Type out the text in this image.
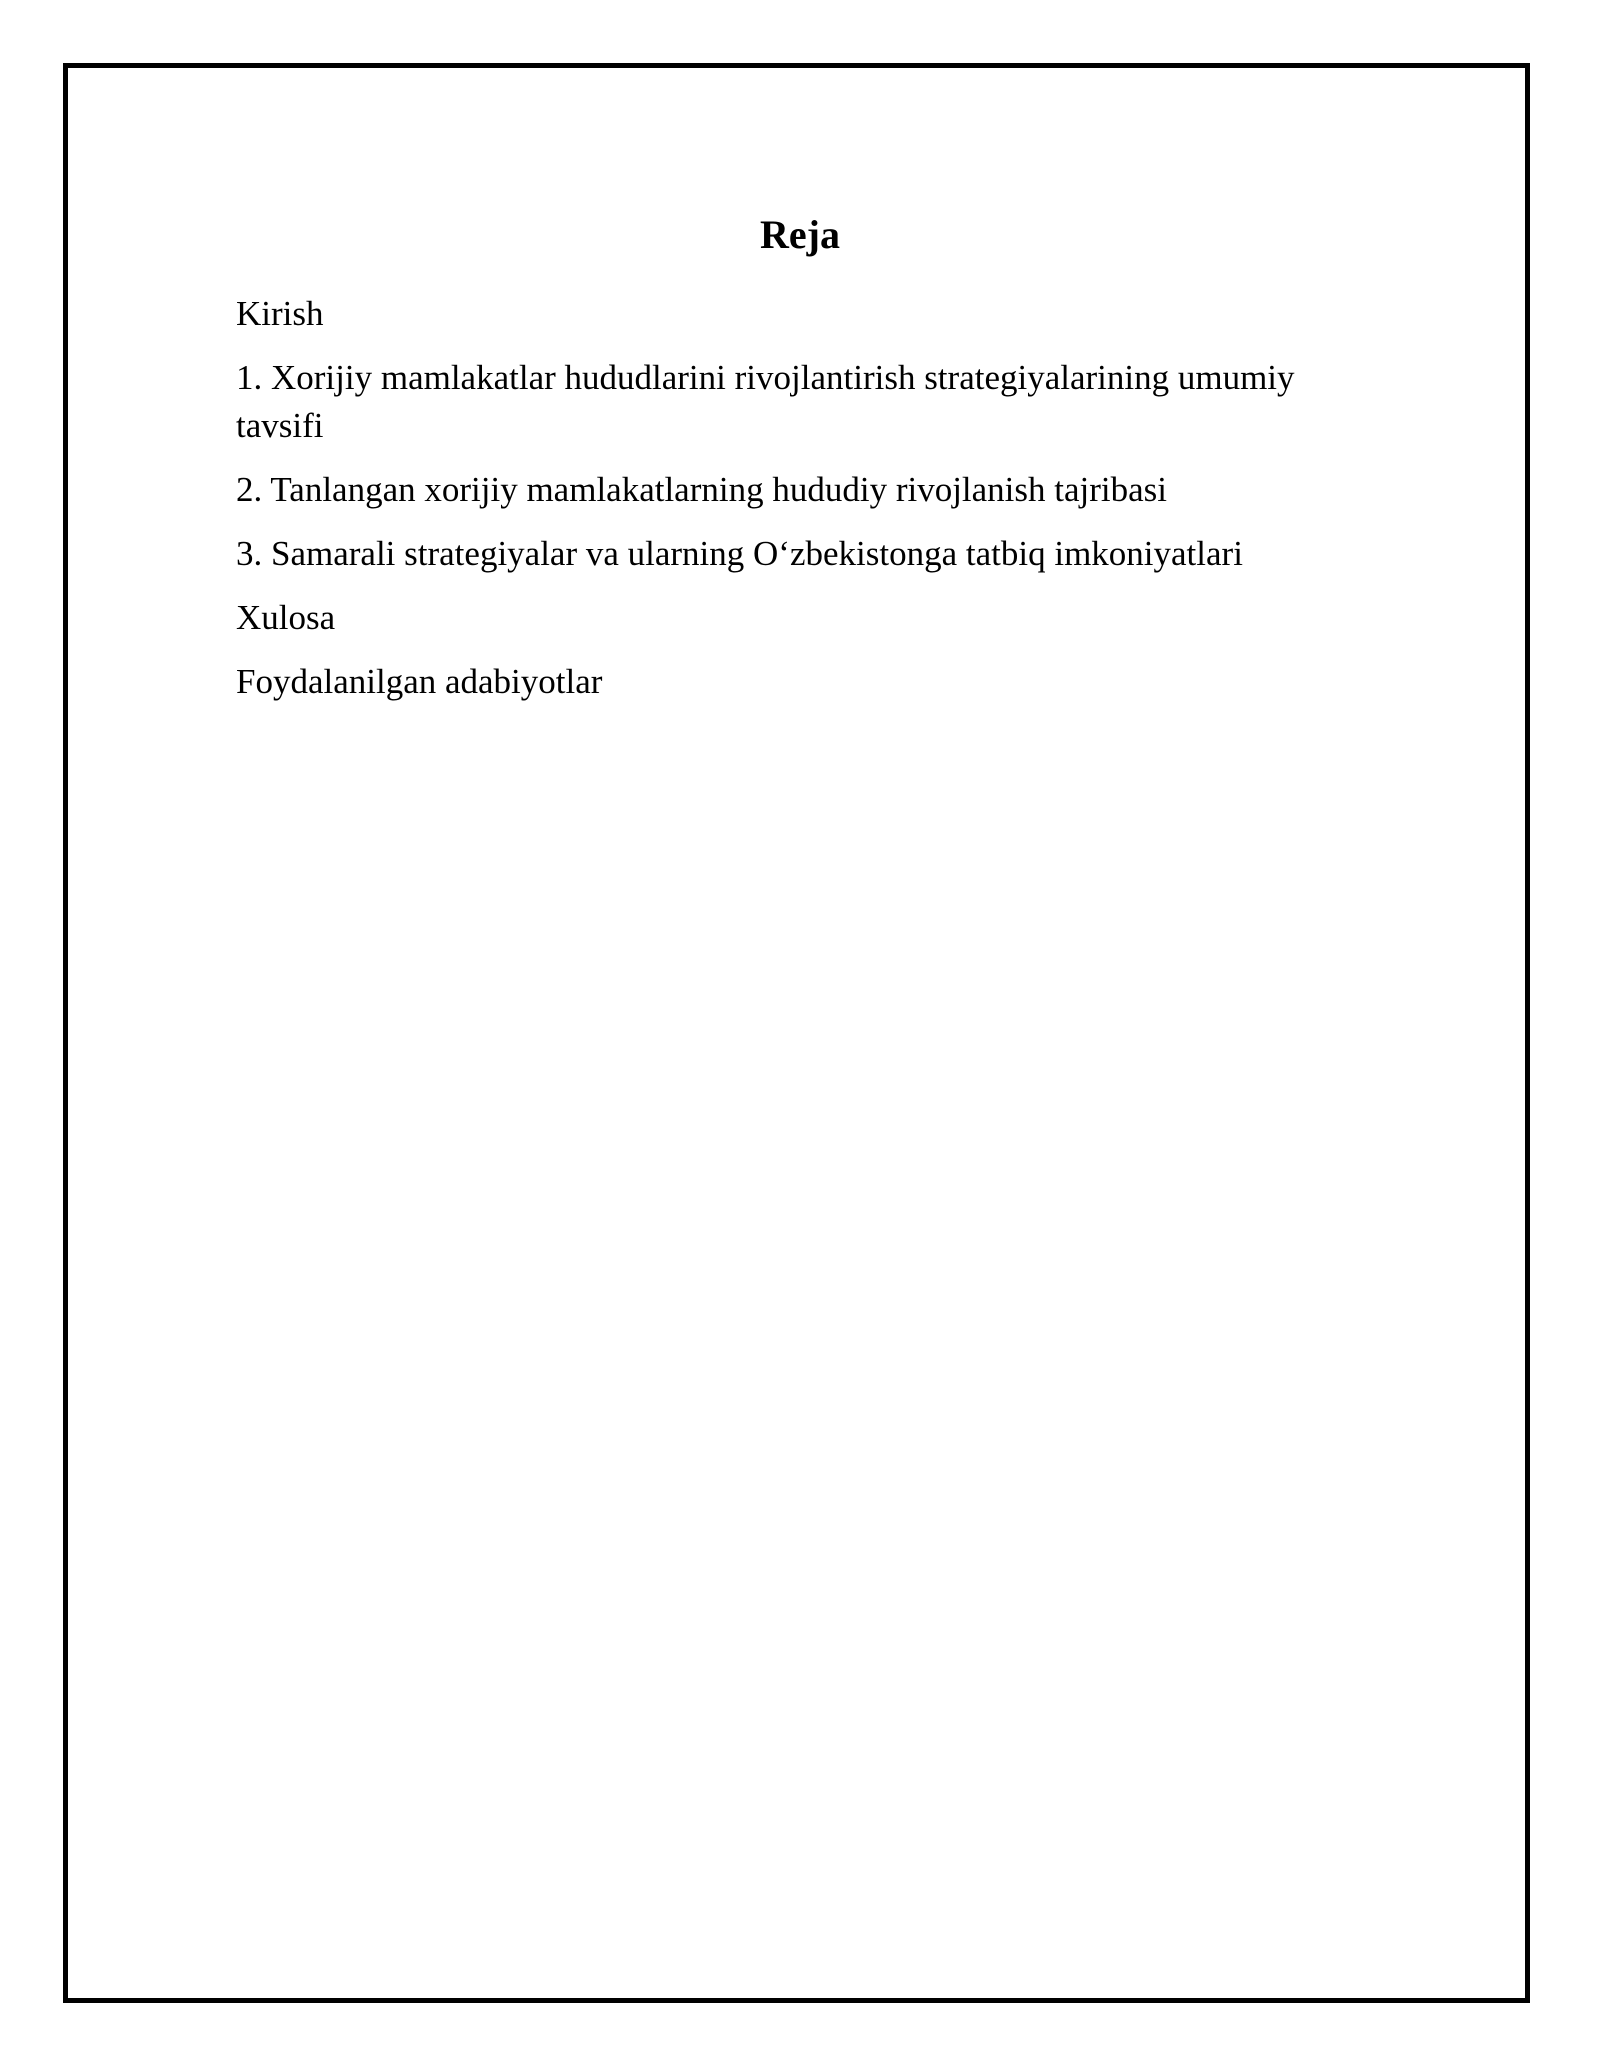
Reja
Kirish
1. Xorijiy mamlakatlar hududlarini rivojlantirish strategiyalarining umumiy tavsifi
2. Tanlangan xorijiy mamlakatlarning hududiy rivojlanish tajribasi
3. Samarali strategiyalar va ularning O‘zbekistonga tatbiq imkoniyatlari
Xulosa
Foydalanilgan adabiyotlar
